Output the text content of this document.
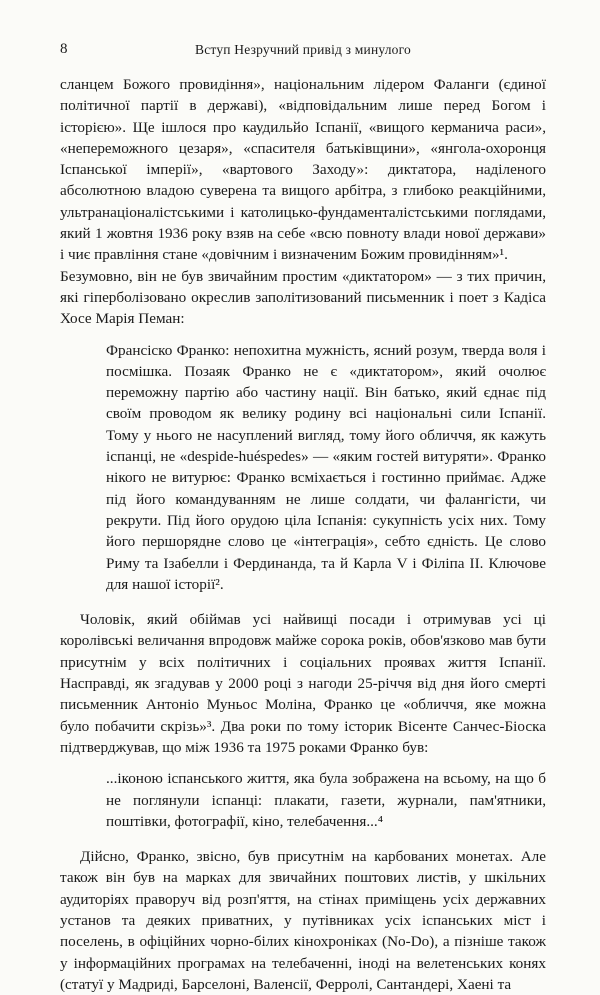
8	Вступ Незручний привід з минулого

сланцем Божого провидіння», національним лідером Фаланги (єдиної політичної партії в державі), «відповідальним лише перед Богом і історією». Ще ішлося про каудильйо Іспанії, «вищого керманича раси», «непереможного цезаря», «спасителя батьківщини», «янгола-охоронця Іспанської імперії», «вартового Заходу»: диктатора, наділеного абсолютною владою суверена та вищого арбітра, з глибоко реакційними, ультранаціоналістськими і католицько-фундаменталістськими поглядами, який 1 жовтня 1936 року взяв на себе «всю повноту влади нової держави» і чиє правління стане «довічним і визначеним Божим провидінням»¹.

Безумовно, він не був звичайним простим «диктатором» — з тих причин, які гіперболізовано окреслив заполітизований письменник і поет з Кадіса Хосе Марія Пеман:

Франсіско Франко: непохитна мужність, ясний розум, тверда воля і посмішка. Позаяк Франко не є «диктатором», який очолює переможну партію або частину нації. Він батько, який єднає під своїм проводом як велику родину всі національні сили Іспанії. Тому у нього не насуплений вигляд, тому його обличчя, як кажуть іспанці, не «despide-huéspedes» — «яким гостей витуряти». Франко нікого не витурює: Франко всміхається і гостинно приймає. Адже під його командуванням не лише солдати, чи фалангісти, чи рекрути. Під його орудою ціла Іспанія: сукупність усіх них. Тому його першорядне слово це «інтеграція», себто єдність. Це слово Риму та Ізабелли і Фердинанда, та й Карла V і Філіпа II. Ключове для нашої історії².

Чоловік, який обіймав усі найвищі посади і отримував усі ці королівські величання впродовж майже сорока років, обов'язково мав бути присутнім у всіх політичних і соціальних проявах життя Іспанії. Насправді, як згадував у 2000 році з нагоди 25-річчя від дня його смерті письменник Антоніо Муньос Моліна, Франко це «обличчя, яке можна було побачити скрізь»³. Два роки по тому історик Вісенте Санчес-Біоска підтверджував, що між 1936 та 1975 роками Франко був:

...іконою іспанського життя, яка була зображена на всьому, на що б не поглянули іспанці: плакати, газети, журнали, пам'ятники, поштівки, фотографії, кіно, телебачення...⁴

Дійсно, Франко, звісно, був присутнім на карбованих монетах. Але також він був на марках для звичайних поштових листів, у шкільних аудиторіях праворуч від розп'яття, на стінах приміщень усіх державних установ та деяких приватних, у путівниках усіх іспанських міст і поселень, в офіційних чорно-білих кінохроніках (No-Do), а пізніше також у інформаційних програмах на телебаченні, іноді на велетенських конях (статуї у Мадриді, Барселоні, Валенсії, Ферролі, Сантандері, Хаені та
